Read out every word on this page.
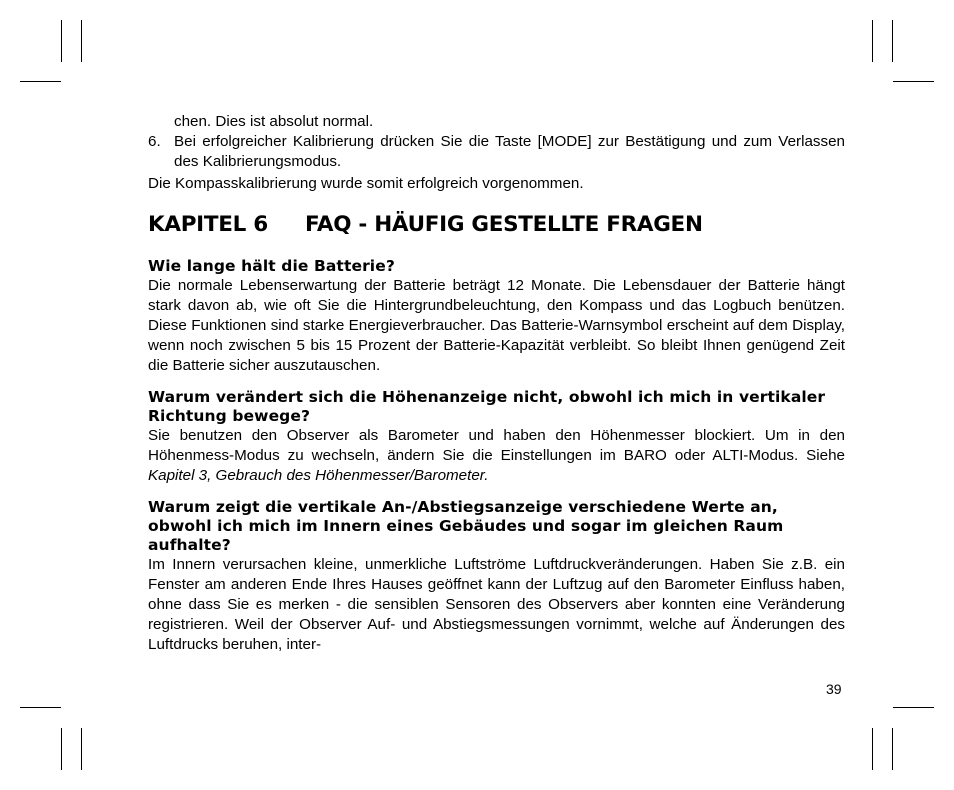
chen. Dies ist absolut normal.

6. Bei erfolgreicher Kalibrierung drücken Sie die Taste [MODE] zur Bestätigung und zum Verlassen des Kalibrierungsmodus.

Die Kompasskalibrierung wurde somit erfolgreich vorgenommen.

KAPITEL 6 FAQ - HÄUFIG GESTELLTE FRAGEN
Wie lange hält die Batterie?

Die normale Lebenserwartung der Batterie beträgt 12 Monate. Die Lebensdauer der Batterie hängt stark davon ab, wie oft Sie die Hintergrundbeleuchtung, den Kompass und das Logbuch benützen. Diese Funktionen sind starke Energieverbraucher. Das Batterie-Warnsymbol erscheint auf dem Display, wenn noch zwischen 5 bis 15 Prozent der Batterie-Kapazität verbleibt. So bleibt Ihnen genügend Zeit die Batterie sicher auszutauschen.

Warum verändert sich die Höhenanzeige nicht, obwohl ich mich in vertikaler Richtung bewege?

Sie benutzen den Observer als Barometer und haben den Höhenmesser blockiert. Um in den Höhenmess-Modus zu wechseln, ändern Sie die Einstellungen im BARO oder ALTI-Modus. Siehe Kapitel 3, Gebrauch des Höhenmesser/Barometer.

Warum zeigt die vertikale An-/Abstiegsanzeige verschiedene Werte an, obwohl ich mich im Innern eines Gebäudes und sogar im gleichen Raum aufhalte?

Im Innern verursachen kleine, unmerkliche Luftströme Luftdruckveränderungen. Haben Sie z.B. ein Fenster am anderen Ende Ihres Hauses geöffnet kann der Luftzug auf den Barometer Einfluss haben, ohne dass Sie es merken - die sensiblen Sensoren des Observers aber konnten eine Veränderung registrieren. Weil der Observer Auf- und Abstiegsmessungen vornimmt, welche auf Änderungen des Luftdrucks beruhen, inter-

39
